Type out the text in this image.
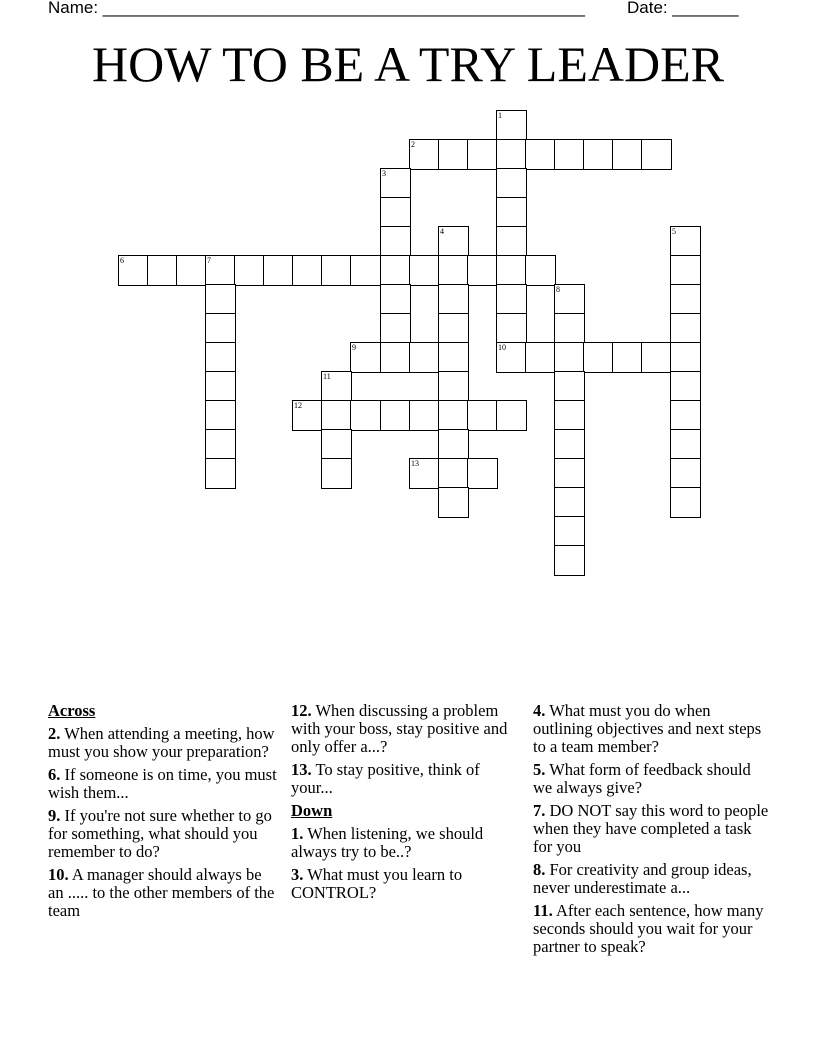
Name: ___________________________________________________ Date: _______
HOW TO BE A TRY LEADER
1
2
3
4	5
6	7
8
9	10
11
12
13
Across
2. When attending a meeting, how must you show your preparation?
6. If someone is on time, you must wish them...
9. If you're not sure whether to go for something, what should you remember to do?
10. A manager should always be an ..... to the other members of the team
12. When discussing a problem with your boss, stay positive and only offer a...?
13. To stay positive, think of your...
Down
1. When listening, we should always try to be..?
3. What must you learn to CONTROL?
4. What must you do when outlining objectives and next steps to a team member?
5. What form of feedback should we always give?
7. DO NOT say this word to people when they have completed a task for you
8. For creativity and group ideas, never underestimate a...
11. After each sentence, how many seconds should you wait for your partner to speak?
